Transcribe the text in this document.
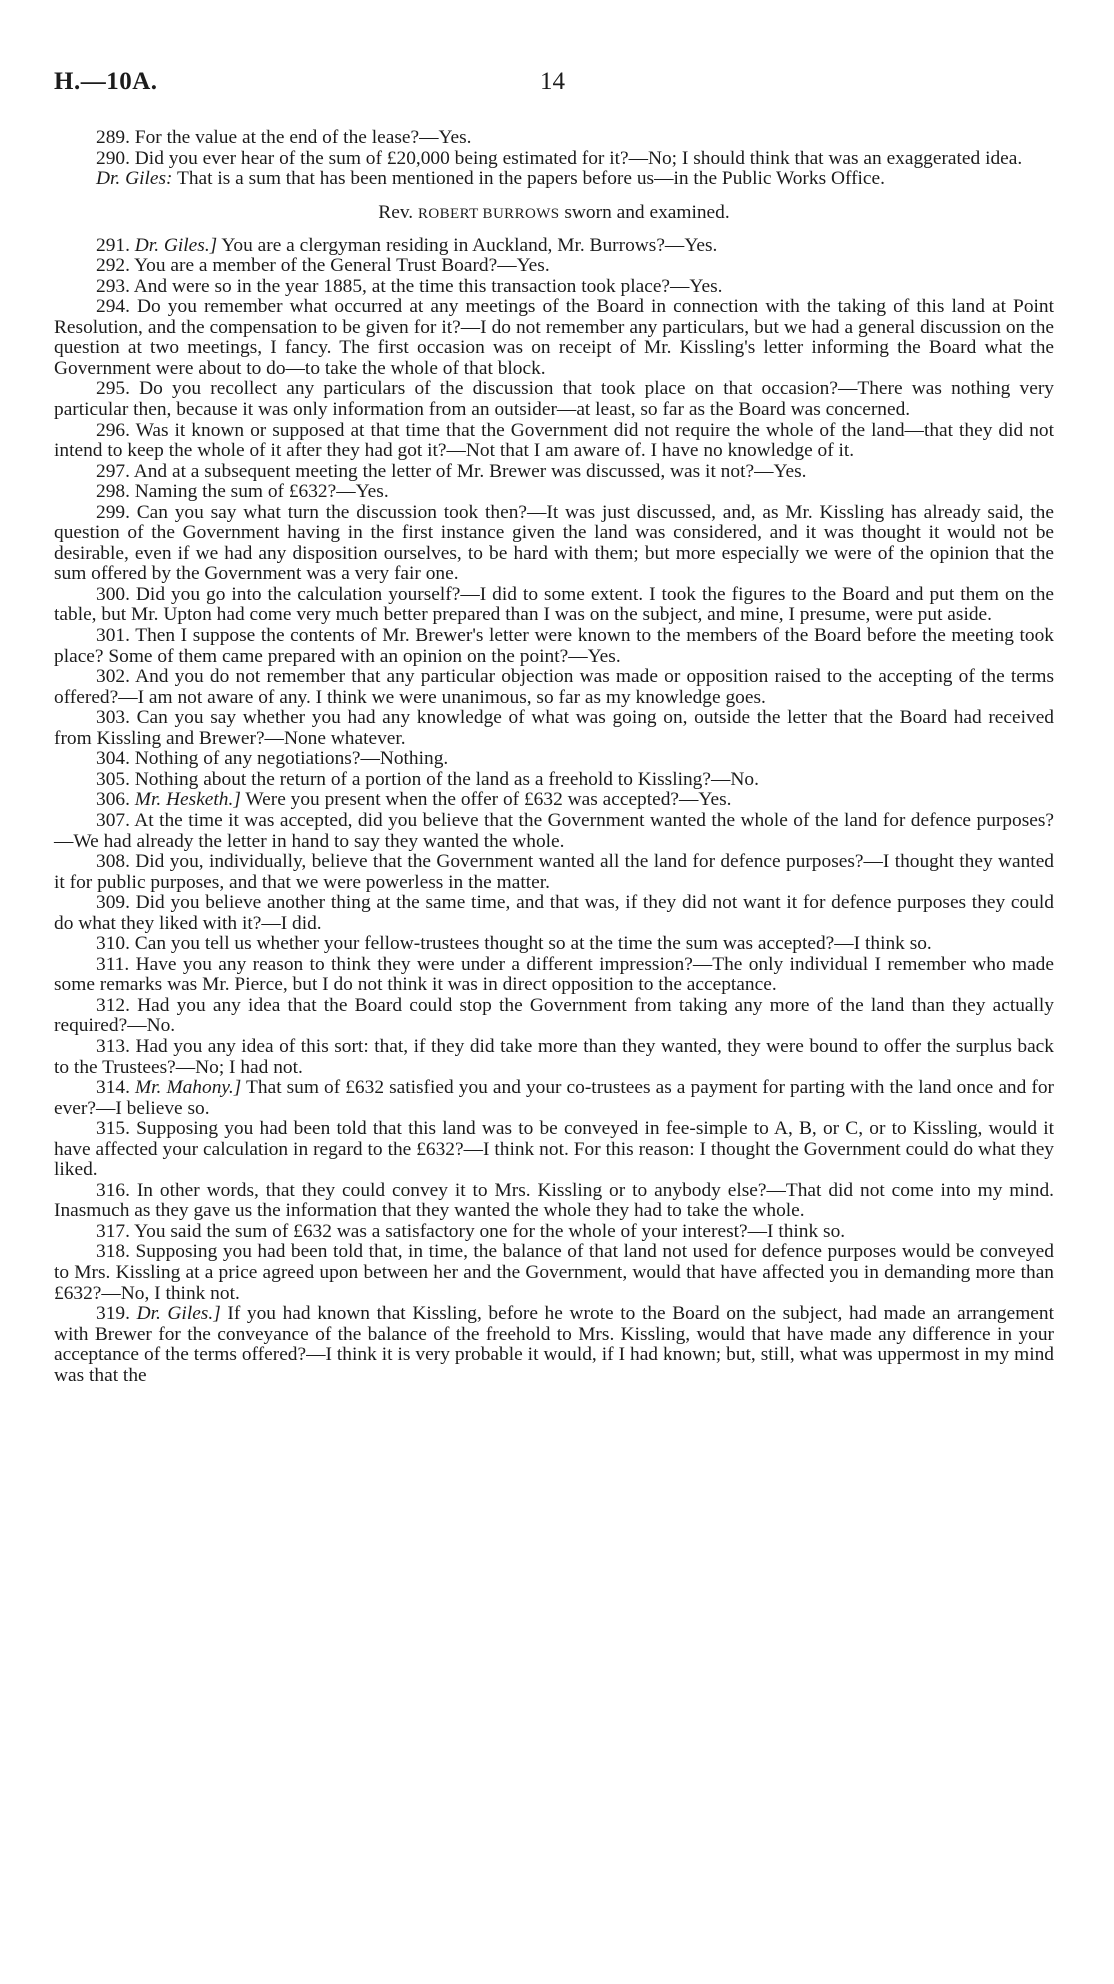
H.—10A.	14

289. For the value at the end of the lease?—Yes.

290. Did you ever hear of the sum of £20,000 being estimated for it?—No; I should think that was an exaggerated idea.

Dr. Giles: That is a sum that has been mentioned in the papers before us—in the Public Works Office.

Rev. ROBERT BURROWS sworn and examined.

291. Dr. Giles.] You are a clergyman residing in Auckland, Mr. Burrows?—Yes.

292. You are a member of the General Trust Board?—Yes.

293. And were so in the year 1885, at the time this transaction took place?—Yes.

294. Do you remember what occurred at any meetings of the Board in connection with the taking of this land at Point Resolution, and the compensation to be given for it?—I do not remember any particulars, but we had a general discussion on the question at two meetings, I fancy. The first occasion was on receipt of Mr. Kissling's letter informing the Board what the Government were about to do—to take the whole of that block.

295. Do you recollect any particulars of the discussion that took place on that occasion?—There was nothing very particular then, because it was only information from an outsider—at least, so far as the Board was concerned.

296. Was it known or supposed at that time that the Government did not require the whole of the land—that they did not intend to keep the whole of it after they had got it?—Not that I am aware of. I have no knowledge of it.

297. And at a subsequent meeting the letter of Mr. Brewer was discussed, was it not?—Yes.

298. Naming the sum of £632?—Yes.

299. Can you say what turn the discussion took then?—It was just discussed, and, as Mr. Kissling has already said, the question of the Government having in the first instance given the land was considered, and it was thought it would not be desirable, even if we had any disposition ourselves, to be hard with them; but more especially we were of the opinion that the sum offered by the Government was a very fair one.

300. Did you go into the calculation yourself?—I did to some extent. I took the figures to the Board and put them on the table, but Mr. Upton had come very much better prepared than I was on the subject, and mine, I presume, were put aside.

301. Then I suppose the contents of Mr. Brewer's letter were known to the members of the Board before the meeting took place? Some of them came prepared with an opinion on the point?—Yes.

302. And you do not remember that any particular objection was made or opposition raised to the accepting of the terms offered?—I am not aware of any. I think we were unanimous, so far as my knowledge goes.

303. Can you say whether you had any knowledge of what was going on, outside the letter that the Board had received from Kissling and Brewer?—None whatever.

304. Nothing of any negotiations?—Nothing.

305. Nothing about the return of a portion of the land as a freehold to Kissling?—No.

306. Mr. Hesketh.] Were you present when the offer of £632 was accepted?—Yes.

307. At the time it was accepted, did you believe that the Government wanted the whole of the land for defence purposes?—We had already the letter in hand to say they wanted the whole.

308. Did you, individually, believe that the Government wanted all the land for defence purposes?—I thought they wanted it for public purposes, and that we were powerless in the matter.

309. Did you believe another thing at the same time, and that was, if they did not want it for defence purposes they could do what they liked with it?—I did.

310. Can you tell us whether your fellow-trustees thought so at the time the sum was accepted?—I think so.

311. Have you any reason to think they were under a different impression?—The only individual I remember who made some remarks was Mr. Pierce, but I do not think it was in direct opposition to the acceptance.

312. Had you any idea that the Board could stop the Government from taking any more of the land than they actually required?—No.

313. Had you any idea of this sort: that, if they did take more than they wanted, they were bound to offer the surplus back to the Trustees?—No; I had not.

314. Mr. Mahony.] That sum of £632 satisfied you and your co-trustees as a payment for parting with the land once and for ever?—I believe so.

315. Supposing you had been told that this land was to be conveyed in fee-simple to A, B, or C, or to Kissling, would it have affected your calculation in regard to the £632?—I think not. For this reason: I thought the Government could do what they liked.

316. In other words, that they could convey it to Mrs. Kissling or to anybody else?—That did not come into my mind. Inasmuch as they gave us the information that they wanted the whole they had to take the whole.

317. You said the sum of £632 was a satisfactory one for the whole of your interest?—I think so.

318. Supposing you had been told that, in time, the balance of that land not used for defence purposes would be conveyed to Mrs. Kissling at a price agreed upon between her and the Government, would that have affected you in demanding more than £632?—No, I think not.

319. Dr. Giles.] If you had known that Kissling, before he wrote to the Board on the subject, had made an arrangement with Brewer for the conveyance of the balance of the freehold to Mrs. Kissling, would that have made any difference in your acceptance of the terms offered?—I think it is very probable it would, if I had known; but, still, what was uppermost in my mind was that the
